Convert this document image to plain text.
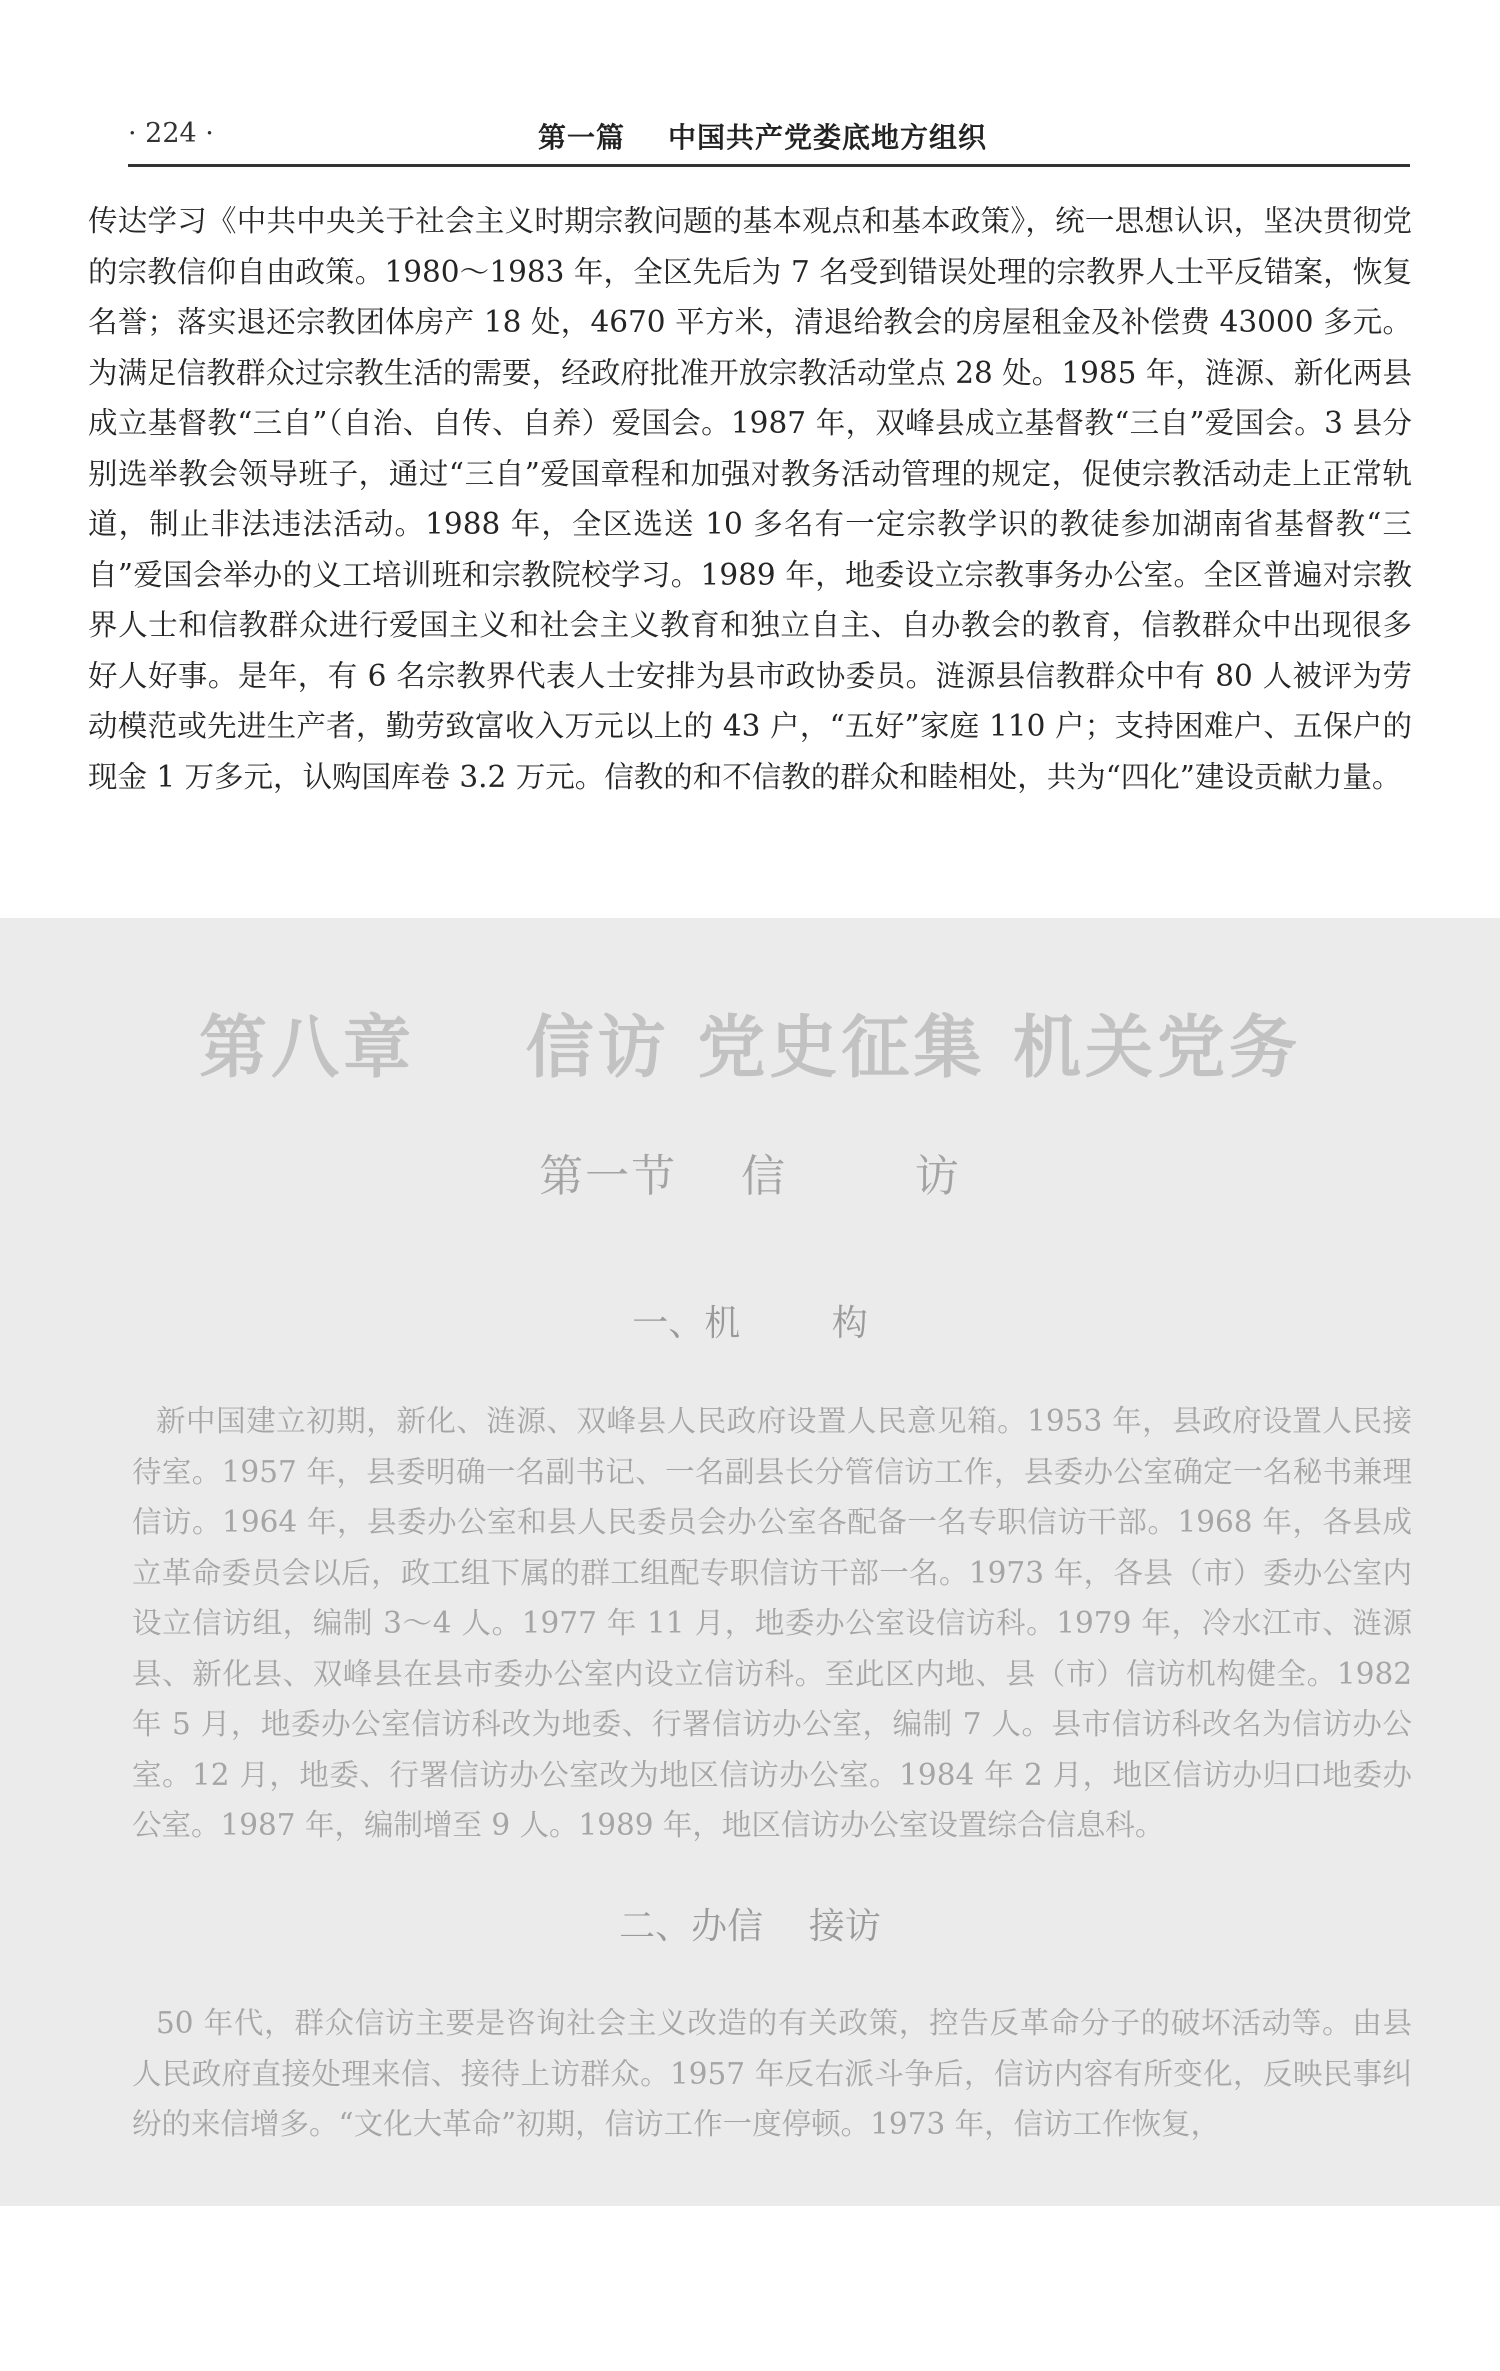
· 224 ·	第一篇    中国共产党娄底地方组织

传达学习《中共中央关于社会主义时期宗教问题的基本观点和基本政策》，统一思想认识，坚决贯彻党的宗教信仰自由政策。1980～1983 年，全区先后为 7 名受到错误处理的宗教界人士平反错案，恢复名誉；落实退还宗教团体房产 18 处，4670 平方米，清退给教会的房屋租金及补偿费 43000 多元。为满足信教群众过宗教生活的需要，经政府批准开放宗教活动堂点 28 处。1985 年，涟源、新化两县成立基督教“三自”（自治、自传、自养）爱国会。1987 年，双峰县成立基督教“三自”爱国会。3 县分别选举教会领导班子，通过“三自”爱国章程和加强对教务活动管理的规定，促使宗教活动走上正常轨道，制止非法违法活动。1988 年，全区选送 10 多名有一定宗教学识的教徒参加湖南省基督教“三自”爱国会举办的义工培训班和宗教院校学习。1989 年，地委设立宗教事务办公室。全区普遍对宗教界人士和信教群众进行爱国主义和社会主义教育和独立自主、自办教会的教育，信教群众中出现很多好人好事。是年，有 6 名宗教界代表人士安排为县市政协委员。涟源县信教群众中有 80 人被评为劳动模范或先进生产者，勤劳致富收入万元以上的 43 户，“五好”家庭 110 户；支持困难户、五保户的现金 1 万多元，认购国库卷 3.2 万元。信教的和不信教的群众和睦相处，共为“四化”建设贡献力量。

第八章    信访 党史征集 机关党务
第一节    信        访
一、机        构

新中国建立初期，新化、涟源、双峰县人民政府设置人民意见箱。1953 年，县政府设置人民接待室。1957 年，县委明确一名副书记、一名副县长分管信访工作，县委办公室确定一名秘书兼理信访。1964 年，县委办公室和县人民委员会办公室各配备一名专职信访干部。1968 年，各县成立革命委员会以后，政工组下属的群工组配专职信访干部一名。1973 年，各县（市）委办公室内设立信访组，编制 3～4 人。1977 年 11 月，地委办公室设信访科。1979 年，冷水江市、涟源县、新化县、双峰县在县市委办公室内设立信访科。至此区内地、县（市）信访机构健全。1982 年 5 月，地委办公室信访科改为地委、行署信访办公室，编制 7 人。县市信访科改名为信访办公室。12 月，地委、行署信访办公室改为地区信访办公室。1984 年 2 月，地区信访办归口地委办公室。1987 年，编制增至 9 人。1989 年，地区信访办公室设置综合信息科。

二、办信    接访

50 年代，群众信访主要是咨询社会主义改造的有关政策，控告反革命分子的破坏活动等。由县人民政府直接处理来信、接待上访群众。1957 年反右派斗争后，信访内容有所变化，反映民事纠纷的来信增多。“文化大革命”初期，信访工作一度停顿。1973 年，信访工作恢复，
